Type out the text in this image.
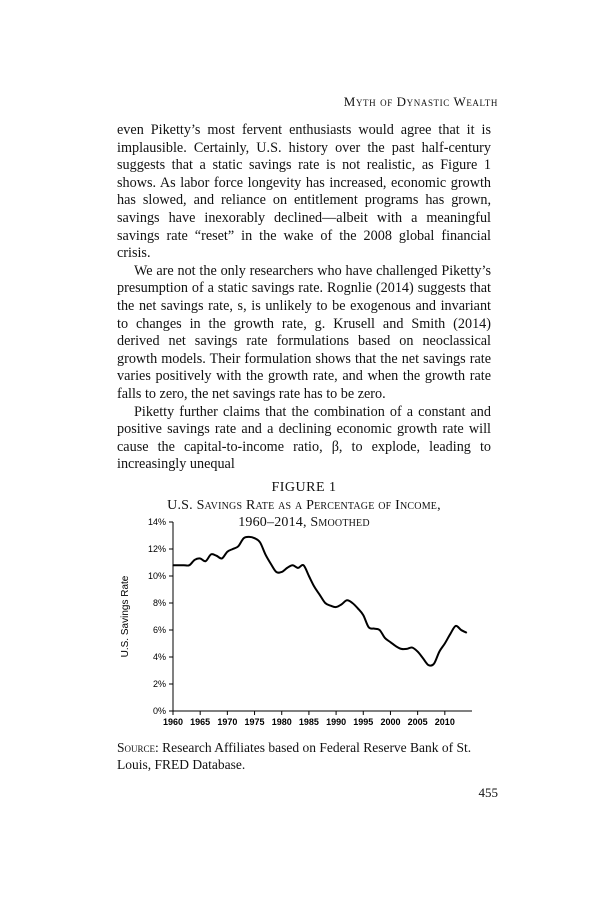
Myth of Dynastic Wealth

even Piketty’s most fervent enthusiasts would agree that it is implausible. Certainly, U.S. history over the past half-century suggests that a static savings rate is not realistic, as Figure 1 shows. As labor force longevity has increased, economic growth has slowed, and reliance on entitlement programs has grown, savings have inexorably declined—albeit with a meaningful savings rate “reset” in the wake of the 2008 global financial crisis.

We are not the only researchers who have challenged Piketty’s presumption of a static savings rate. Rognlie (2014) suggests that the net savings rate, s, is unlikely to be exogenous and invariant to changes in the growth rate, g. Krusell and Smith (2014) derived net savings rate formulations based on neoclassical growth models. Their formulation shows that the net savings rate varies positively with the growth rate, and when the growth rate falls to zero, the net savings rate has to be zero.

Piketty further claims that the combination of a constant and positive savings rate and a declining economic growth rate will cause the capital-to-income ratio, β, to explode, leading to increasingly unequal

FIGURE 1
U.S. Savings Rate as a Percentage of Income,
1960–2014, Smoothed
0%
2%
4%
6%
8%
10%
12%
14%
1960 1965 1970 1975 1980 1985 1990 1995 2000 2005 2010
U.S. Savings Rate
Source: Research Affiliates based on Federal Reserve Bank of St. Louis, FRED Database.
455
